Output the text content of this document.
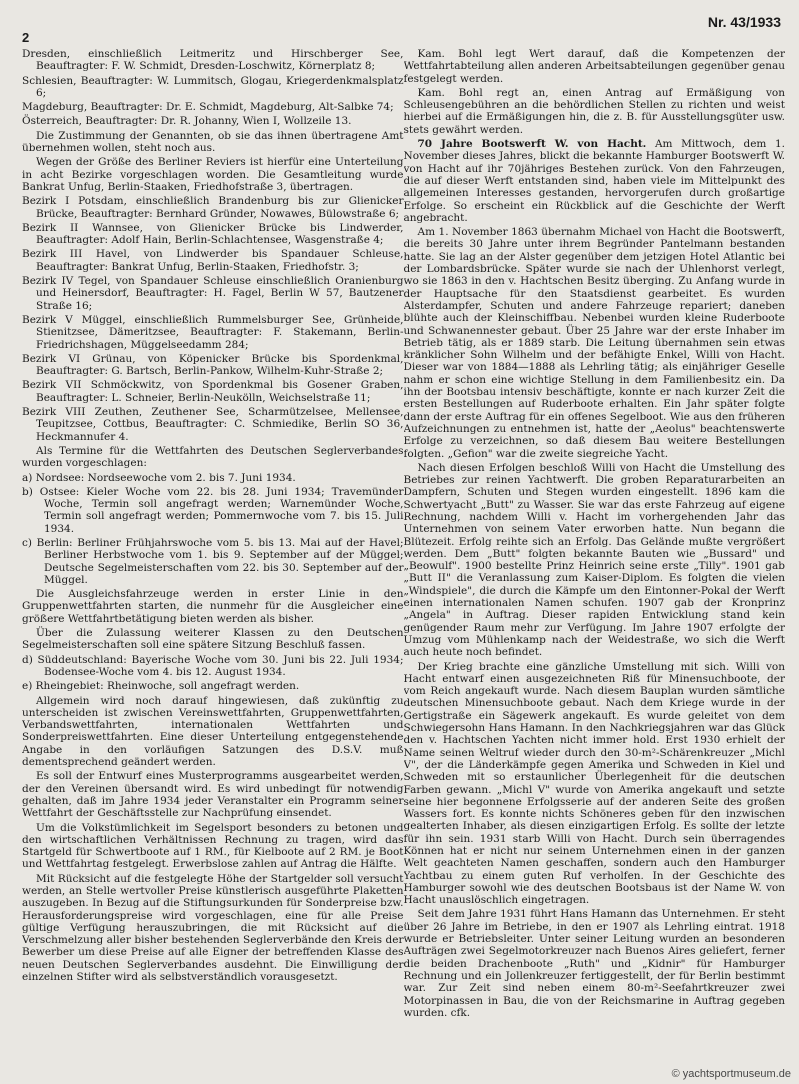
2
Nr. 43/1933

Dresden, einschließlich Leitmeritz und Hirschberger See, Beauftragter: F. W. Schmidt, Dresden-Loschwitz, Körnerplatz 8;

Schlesien, Beauftragter: W. Lummitsch, Glogau, Kriegerdenkmalsplatz 6;

Magdeburg, Beauftragter: Dr. E. Schmidt, Magdeburg, Alt-Salbke 74;

Österreich, Beauftragter: Dr. R. Johanny, Wien I, Wollzeile 13.

Die Zustimmung der Genannten, ob sie das ihnen übertragene Amt übernehmen wollen, steht noch aus.

Wegen der Größe des Berliner Reviers ist hierfür eine Unterteilung in acht Bezirke vorgeschlagen worden. Die Gesamtleitung wurde Bankrat Unfug, Berlin-Staaken, Friedhofstraße 3, übertragen.

Bezirk I Potsdam, einschließlich Brandenburg bis zur Glienicker Brücke, Beauftragter: Bernhard Gründer, Nowawes, Bülowstraße 6;

Bezirk II Wannsee, von Glienicker Brücke bis Lindwerder, Beauftragter: Adolf Hain, Berlin-Schlachtensee, Wasgenstraße 4;

Bezirk III Havel, von Lindwerder bis Spandauer Schleuse, Beauftragter: Bankrat Unfug, Berlin-Staaken, Friedhofstr. 3;

Bezirk IV Tegel, von Spandauer Schleuse einschließlich Oranienburg und Heinersdorf, Beauftragter: H. Fagel, Berlin W 57, Bautzener Straße 16;

Bezirk V Müggel, einschließlich Rummelsburger See, Grünheide, Stienitzsee, Dämeritzsee, Beauftragter: F. Stakemann, Berlin-Friedrichshagen, Müggelseedamm 284;

Bezirk VI Grünau, von Köpenicker Brücke bis Spordenkmal, Beauftragter: G. Bartsch, Berlin-Pankow, Wilhelm-Kuhr-Straße 2;

Bezirk VII Schmöckwitz, von Spordenkmal bis Gosener Graben, Beauftragter: L. Schneier, Berlin-Neukölln, Weichselstraße 11;

Bezirk VIII Zeuthen, Zeuthener See, Scharmützelsee, Mellensee, Teupitzsee, Cottbus, Beauftragter: C. Schmiedike, Berlin SO 36, Heckmannufer 4.

Als Termine für die Wettfahrten des Deutschen Seglerverbandes wurden vorgeschlagen:

a) Nordsee: Nordseewoche vom 2. bis 7. Juni 1934.

b) Ostsee: Kieler Woche vom 22. bis 28. Juni 1934; Travemünder Woche, Termin soll angefragt werden; Warnemünder Woche, Termin soll angefragt werden; Pommernwoche vom 7. bis 15. Juli 1934.

c) Berlin: Berliner Frühjahrswoche vom 5. bis 13. Mai auf der Havel; Berliner Herbstwoche vom 1. bis 9. September auf der Müggel; Deutsche Segelmeisterschaften vom 22. bis 30. September auf der Müggel.

Die Ausgleichsfahrzeuge werden in erster Linie in den Gruppenwettfahrten starten, die nunmehr für die Ausgleicher eine größere Wettfahrtbetätigung bieten werden als bisher.

Über die Zulassung weiterer Klassen zu den Deutschen Segelmeisterschaften soll eine spätere Sitzung Beschluß fassen.

d) Süddeutschland: Bayerische Woche vom 30. Juni bis 22. Juli 1934; Bodensee-Woche vom 4. bis 12. August 1934.

e) Rheingebiet: Rheinwoche, soll angefragt werden.

Allgemein wird noch darauf hingewiesen, daß zukünftig zu unterscheiden ist zwischen Vereinswettfahrten, Gruppenwettfahrten, Verbandswettfahrten, internationalen Wettfahrten und Sonderpreiswettfahrten. Eine dieser Unterteilung entgegenstehende Angabe in den vorläufigen Satzungen des D.S.V. muß dementsprechend geändert werden.

Es soll der Entwurf eines Musterprogramms ausgearbeitet werden, der den Vereinen übersandt wird. Es wird unbedingt für notwendig gehalten, daß im Jahre 1934 jeder Veranstalter ein Programm seiner Wettfahrt der Geschäftsstelle zur Nachprüfung einsendet.

Um die Volkstümlichkeit im Segelsport besonders zu betonen und den wirtschaftlichen Verhältnissen Rechnung zu tragen, wird das Startgeld für Schwertboote auf 1 RM., für Kielboote auf 2 RM. je Boot und Wettfahrtag festgelegt. Erwerbslose zahlen auf Antrag die Hälfte.

Mit Rücksicht auf die festgelegte Höhe der Startgelder soll versucht werden, an Stelle wertvoller Preise künstlerisch ausgeführte Plaketten auszugeben. In Bezug auf die Stiftungsurkunden für Sonderpreise bzw. Herausforderungspreise wird vorgeschlagen, eine für alle Preise gültige Verfügung herauszubringen, die mit Rücksicht auf die Verschmelzung aller bisher bestehenden Seglerverbände den Kreis der Bewerber um diese Preise auf alle Eigner der betreffenden Klasse des neuen Deutschen Seglerverbandes ausdehnt. Die Einwilligung der einzelnen Stifter wird als selbstverständlich vorausgesetzt.

Kam. Bohl legt Wert darauf, daß die Kompetenzen der Wettfahrtabteilung allen anderen Arbeitsabteilungen gegenüber genau festgelegt werden.

Kam. Bohl regt an, einen Antrag auf Ermäßigung von Schleusengebühren an die behördlichen Stellen zu richten und weist hierbei auf die Ermäßigungen hin, die z. B. für Ausstellungsgüter usw. stets gewährt werden.

70 Jahre Bootswerft W. von Hacht. Am Mittwoch, dem 1. November dieses Jahres, blickt die bekannte Hamburger Bootswerft W. von Hacht auf ihr 70jähriges Bestehen zurück. Von den Fahrzeugen, die auf dieser Werft entstanden sind, haben viele im Mittelpunkt des allgemeinen Interesses gestanden, hervorgerufen durch großartige Erfolge. So erscheint ein Rückblick auf die Geschichte der Werft angebracht.

Am 1. November 1863 übernahm Michael von Hacht die Bootswerft, die bereits 30 Jahre unter ihrem Begründer Pantelmann bestanden hatte. Sie lag an der Alster gegenüber dem jetzigen Hotel Atlantic bei der Lombardsbrücke. Später wurde sie nach der Uhlenhorst verlegt, wo sie 1863 in den v. Hachtschen Besitz überging. Zu Anfang wurde in der Hauptsache für den Staatsdienst gearbeitet. Es wurden Alsterdampfer, Schuten und andere Fahrzeuge repariert; daneben blühte auch der Kleinschiffbau. Nebenbei wurden kleine Ruderboote und Schwanennester gebaut. Über 25 Jahre war der erste Inhaber im Betrieb tätig, als er 1889 starb. Die Leitung übernahmen sein etwas kränklicher Sohn Wilhelm und der befähigte Enkel, Willi von Hacht. Dieser war von 1884—1888 als Lehrling tätig; als einjähriger Geselle nahm er schon eine wichtige Stellung in dem Familienbesitz ein. Da ihn der Bootsbau intensiv beschäftigte, konnte er nach kurzer Zeit die ersten Bestellungen auf Ruderboote erhalten. Ein Jahr später folgte dann der erste Auftrag für ein offenes Segelboot. Wie aus den früheren Aufzeichnungen zu entnehmen ist, hatte der „Aeolus" beachtenswerte Erfolge zu verzeichnen, so daß diesem Bau weitere Bestellungen folgten. „Gefion" war die zweite siegreiche Yacht.

Nach diesen Erfolgen beschloß Willi von Hacht die Umstellung des Betriebes zur reinen Yachtwerft. Die groben Reparaturarbeiten an Dampfern, Schuten und Stegen wurden eingestellt. 1896 kam die Schwertyacht „Butt" zu Wasser. Sie war das erste Fahrzeug auf eigene Rechnung, nachdem Willi v. Hacht im vorhergehenden Jahr das Unternehmen von seinem Vater erworben hatte. Nun begann die Blütezeit. Erfolg reihte sich an Erfolg. Das Gelände mußte vergrößert werden. Dem „Butt" folgten bekannte Bauten wie „Bussard" und „Beowulf". 1900 bestellte Prinz Heinrich seine erste „Tilly". 1901 gab „Butt II" die Veranlassung zum Kaiser-Diplom. Es folgten die vielen „Windspiele", die durch die Kämpfe um den Eintonner-Pokal der Werft einen internationalen Namen schufen. 1907 gab der Kronprinz „Angela" in Auftrag. Dieser rapiden Entwicklung stand kein genügender Raum mehr zur Verfügung. Im Jahre 1907 erfolgte der Umzug vom Mühlenkamp nach der Weidestraße, wo sich die Werft auch heute noch befindet.

Der Krieg brachte eine gänzliche Umstellung mit sich. Willi von Hacht entwarf einen ausgezeichneten Riß für Minensuchboote, der vom Reich angekauft wurde. Nach diesem Bauplan wurden sämtliche deutschen Minensuchboote gebaut. Nach dem Kriege wurde in der Gertigstraße ein Sägewerk angekauft. Es wurde geleitet von dem Schwiegersohn Hans Hamann. In den Nachkriegsjahren war das Glück den v. Hachtschen Yachten nicht immer hold. Erst 1930 erhielt der Name seinen Weltruf wieder durch den 30-m²-Schärenkreuzer „Michl V", der die Länderkämpfe gegen Amerika und Schweden in Kiel und Schweden mit so erstaunlicher Überlegenheit für die deutschen Farben gewann. „Michl V" wurde von Amerika angekauft und setzte seine hier begonnene Erfolgsserie auf der anderen Seite des großen Wassers fort. Es konnte nichts Schöneres geben für den inzwischen gealterten Inhaber, als diesen einzigartigen Erfolg. Es sollte der letzte für ihn sein. 1931 starb Willi von Hacht. Durch sein überragendes Können hat er nicht nur seinem Unternehmen einen in der ganzen Welt geachteten Namen geschaffen, sondern auch den Hamburger Yachtbau zu einem guten Ruf verholfen. In der Geschichte des Hamburger sowohl wie des deutschen Bootsbaus ist der Name W. von Hacht unauslöschlich eingetragen.

Seit dem Jahre 1931 führt Hans Hamann das Unternehmen. Er steht über 26 Jahre im Betriebe, in den er 1907 als Lehrling eintrat. 1918 wurde er Betriebsleiter. Unter seiner Leitung wurden an besonderen Aufträgen zwei Segelmotorkreuzer nach Buenos Aires geliefert, ferner die beiden Drachenboote „Ruth" und „Kidnir" für Hamburger Rechnung und ein Jollenkreuzer fertiggestellt, der für Berlin bestimmt war. Zur Zeit sind neben einem 80-m²-Seefahrtkreuzer zwei Motorpinassen in Bau, die von der Reichsmarine in Auftrag gegeben wurden. cfk.

© yachtsportmuseum.de
